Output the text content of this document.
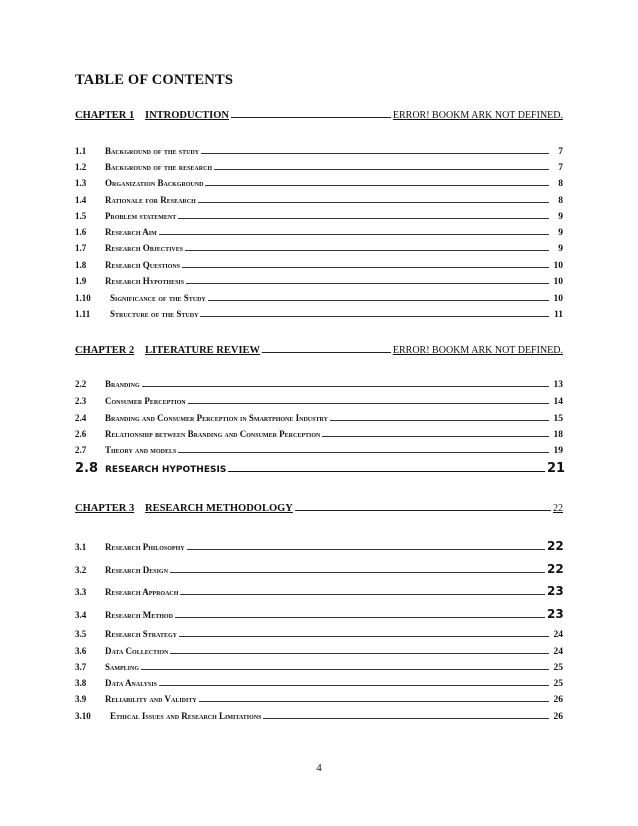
TABLE OF CONTENTS
CHAPTER 1	INTRODUCTION	ERROR! BOOKM ARK NOT DEFINED.
1.1	Background of the study	7
1.2	Background of the research	7
1.3	Organization Background	8
1.4	Rationale for Research	8
1.5	Problem statement	9
1.6	Research Aim	9
1.7	Research Objectives	9
1.8	Research Questions	10
1.9	Research Hypothesis	10
1.10	Significance of the Study	10
1.11	Structure of the Study	11
CHAPTER 2	LITERATURE REVIEW	ERROR! BOOKM ARK NOT DEFINED.
2.2	Branding	13
2.3	Consumer Perception	14
2.4	Branding and Consumer Perception in Smartphone Industry	15
2.6	Relationship between Branding and Consumer Perception	18
2.7	Theory and models	19
2.8 RESEARCH HYPOTHESIS	21
CHAPTER 3	RESEARCH METHODOLOGY	22
3.1	Research Philosophy	22
3.2	Research Design	22
3.3	Research Approach	23
3.4	Research Method	23
3.5	Research Strategy	24
3.6	Data Collection	24
3.7	Sampling	25
3.8	Data Analysis	25
3.9	Reliability and Validity	26
3.10	Ethical Issues and Research Limitations	26
4
